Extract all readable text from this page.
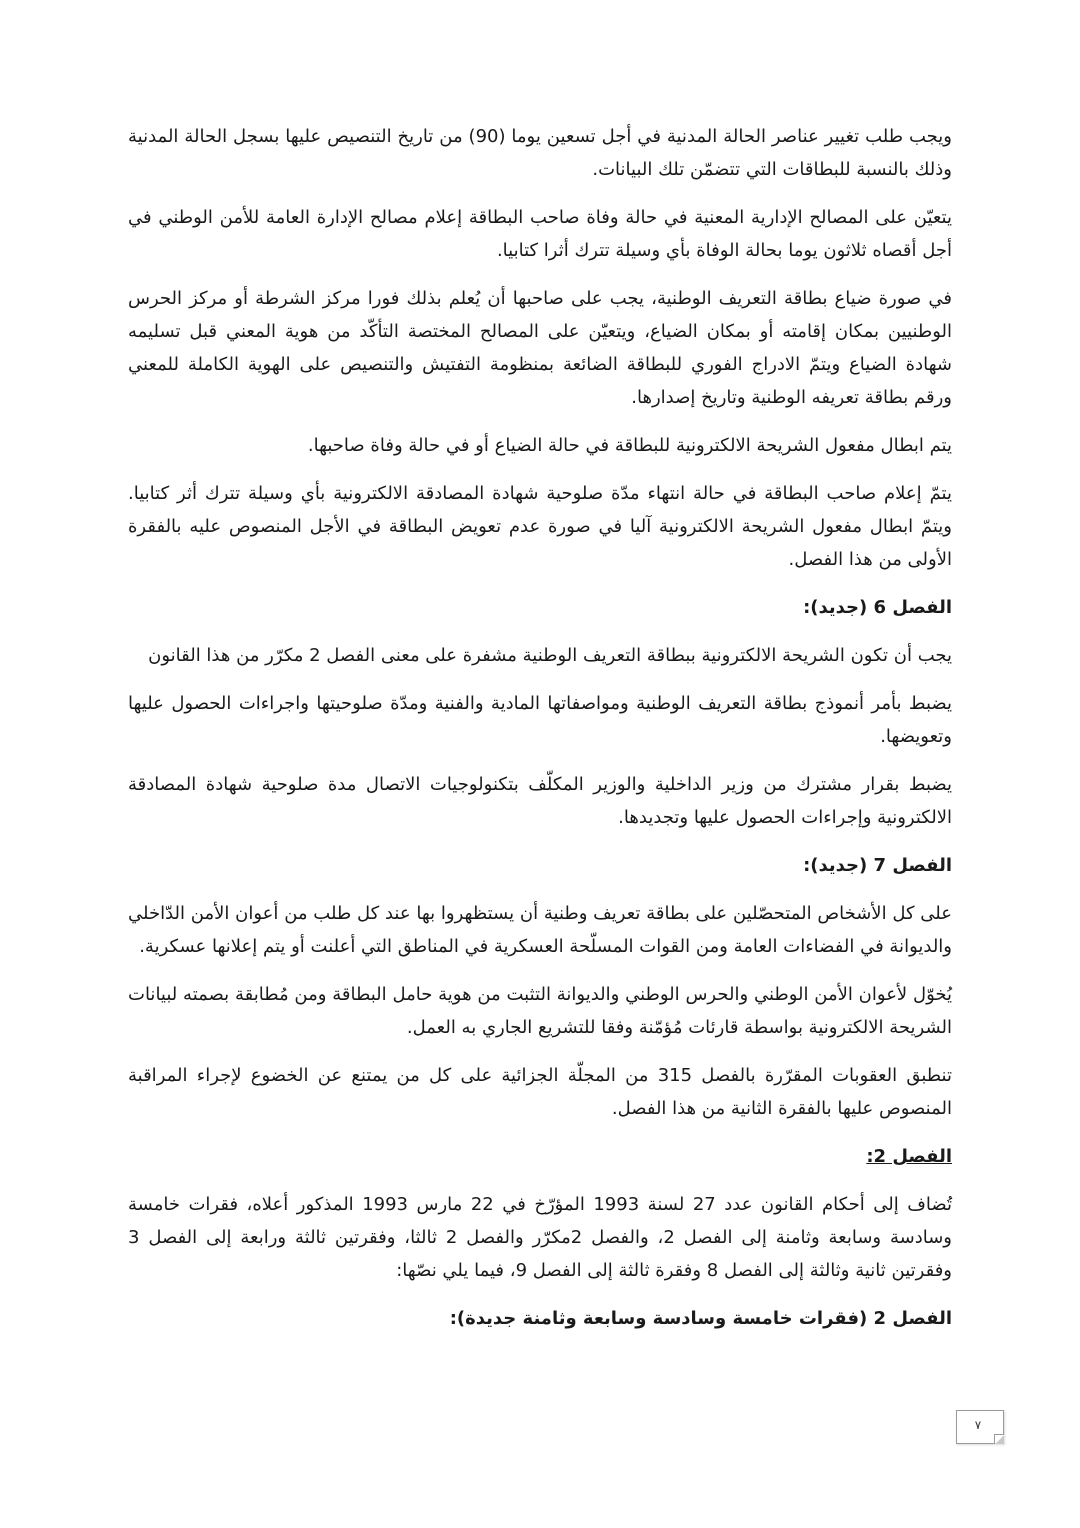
ويجب طلب تغيير عناصر الحالة المدنية في أجل تسعين يوما (90) من تاريخ التنصيص عليها بسجل الحالة المدنية وذلك بالنسبة للبطاقات التي تتضمّن تلك البيانات.

يتعيّن على المصالح الإدارية المعنية في حالة وفاة صاحب البطاقة إعلام مصالح الإدارة العامة للأمن الوطني في أجل أقصاه ثلاثون يوما بحالة الوفاة بأي وسيلة تترك أثرا كتابيا.

في صورة ضياع بطاقة التعريف الوطنية، يجب على صاحبها أن يُعلم بذلك فورا مركز الشرطة أو مركز الحرس الوطنيين بمكان إقامته أو بمكان الضياع، ويتعيّن على المصالح المختصة التأكّد من هوية المعني قبل تسليمه شهادة الضياع ويتمّ الادراج الفوري للبطاقة الضائعة بمنظومة التفتيش والتنصيص على الهوية الكاملة للمعني ورقم بطاقة تعريفه الوطنية وتاريخ إصدارها.

يتم ابطال مفعول الشريحة الالكترونية للبطاقة في حالة الضياع أو في حالة وفاة صاحبها.

يتمّ إعلام صاحب البطاقة في حالة انتهاء مدّة صلوحية شهادة المصادقة الالكترونية بأي وسيلة تترك أثر كتابيا. ويتمّ ابطال مفعول الشريحة الالكترونية آليا في صورة عدم تعويض البطاقة في الأجل المنصوص عليه بالفقرة الأولى من هذا الفصل.

الفصل 6 (جديد):

يجب أن تكون الشريحة الالكترونية ببطاقة التعريف الوطنية مشفرة على معنى الفصل 2 مكرّر من هذا القانون

يضبط بأمر أنموذج بطاقة التعريف الوطنية ومواصفاتها المادية والفنية ومدّة صلوحيتها واجراءات الحصول عليها وتعويضها.

يضبط بقرار مشترك من وزير الداخلية والوزير المكلّف بتكنولوجيات الاتصال مدة صلوحية شهادة المصادقة الالكترونية وإجراءات الحصول عليها وتجديدها.

الفصل 7 (جديد):

على كل الأشخاص المتحصّلين على بطاقة تعريف وطنية أن يستظهروا بها عند كل طلب من أعوان الأمن الدّاخلي والديوانة في الفضاءات العامة ومن القوات المسلّحة العسكرية في المناطق التي أعلنت أو يتم إعلانها عسكرية.

يُخوّل لأعوان الأمن الوطني والحرس الوطني والديوانة التثبت من هوية حامل البطاقة ومن مُطابقة بصمته لبيانات الشريحة الالكترونية بواسطة قارئات مُؤمّنة وفقا للتشريع الجاري به العمل.

تنطبق العقوبات المقرّرة بالفصل 315 من المجلّة الجزائية على كل من يمتنع عن الخضوع لإجراء المراقبة المنصوص عليها بالفقرة الثانية من هذا الفصل.

الفصل 2:

تُضاف إلى أحكام القانون عدد 27 لسنة 1993 المؤرّخ في 22 مارس 1993 المذكور أعلاه، فقرات خامسة وسادسة وسابعة وثامنة إلى الفصل 2، والفصل 2مكرّر والفصل 2 ثالثا، وفقرتين ثالثة ورابعة إلى الفصل 3 وفقرتين ثانية وثالثة إلى الفصل 8 وفقرة ثالثة إلى الفصل 9، فيما يلي نصّها:

الفصل 2 (فقرات خامسة وسادسة وسابعة وثامنة جديدة):

٧
